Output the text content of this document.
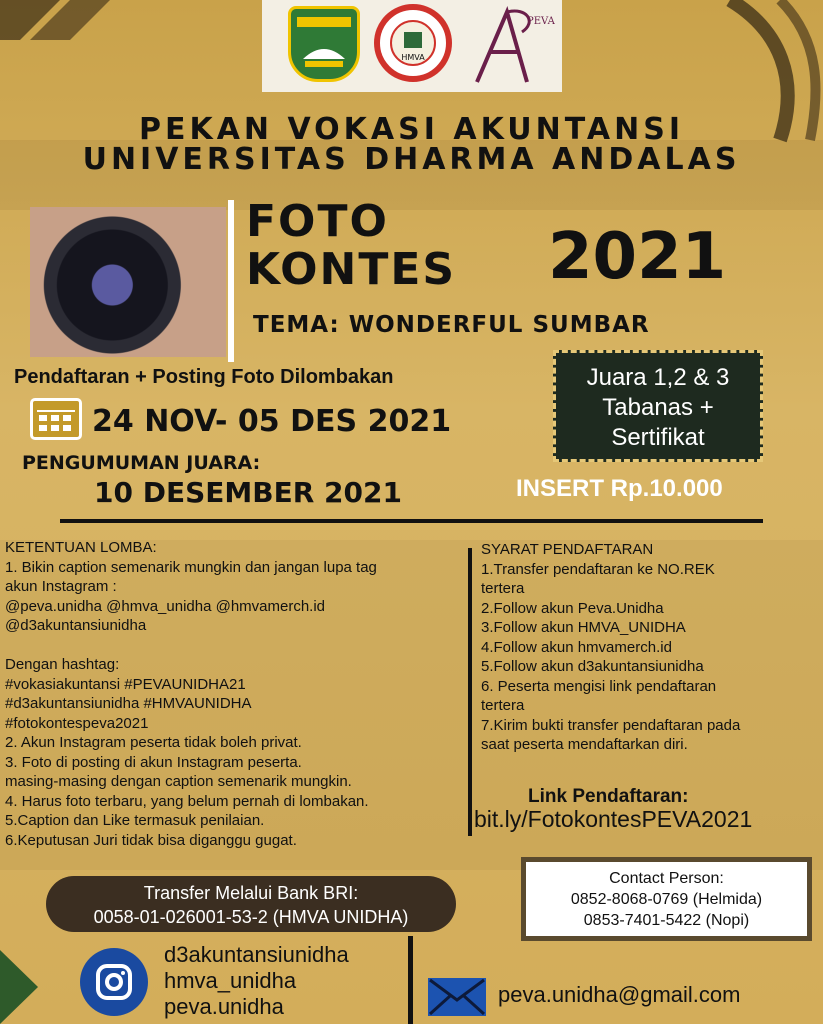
HMVA
PEVA
PEKAN VOKASI AKUNTANSI
UNIVERSITAS DHARMA ANDALAS
FOTO
KONTES 2021
TEMA: WONDERFUL SUMBAR
Pendaftaran + Posting Foto Dilombakan
24 NOV- 05 DES 2021
PENGUMUMAN JUARA:
10 DESEMBER 2021
Juara 1,2 & 3
Tabanas +
Sertifikat
INSERT Rp.10.000
KETENTUAN LOMBA:
1. Bikin caption semenarik mungkin dan jangan lupa tag
akun Instagram :
@peva.unidha @hmva_unidha @hmvamerch.id
@d3akuntansiunidha
Dengan hashtag:
#vokasiakuntansi #PEVAUNIDHA21
#d3akuntansiunidha #HMVAUNIDHA
#fotokontespeva2021
2. Akun Instagram peserta tidak boleh privat.
3. Foto di posting di akun Instagram peserta.
masing-masing dengan caption semenarik mungkin.
4. Harus foto terbaru, yang belum pernah di lombakan.
5.Caption dan Like termasuk penilaian.
6.Keputusan Juri tidak bisa diganggu gugat.
SYARAT PENDAFTARAN
1.Transfer pendaftaran ke NO.REK
tertera
2.Follow akun Peva.Unidha
3.Follow akun HMVA_UNIDHA
4.Follow akun hmvamerch.id
5.Follow akun d3akuntansiunidha
6. Peserta mengisi link pendaftaran
tertera
7.Kirim bukti transfer pendaftaran pada
saat peserta mendaftarkan diri.
Link Pendaftaran:
bit.ly/FotokontesPEVA2021
Transfer Melalui Bank BRI:
0058-01-026001-53-2 (HMVA UNIDHA)
Contact Person:
0852-8068-0769 (Helmida)
0853-7401-5422 (Nopi)
d3akuntansiunidha
hmva_unidha
peva.unidha	peva.unidha@gmail.com
